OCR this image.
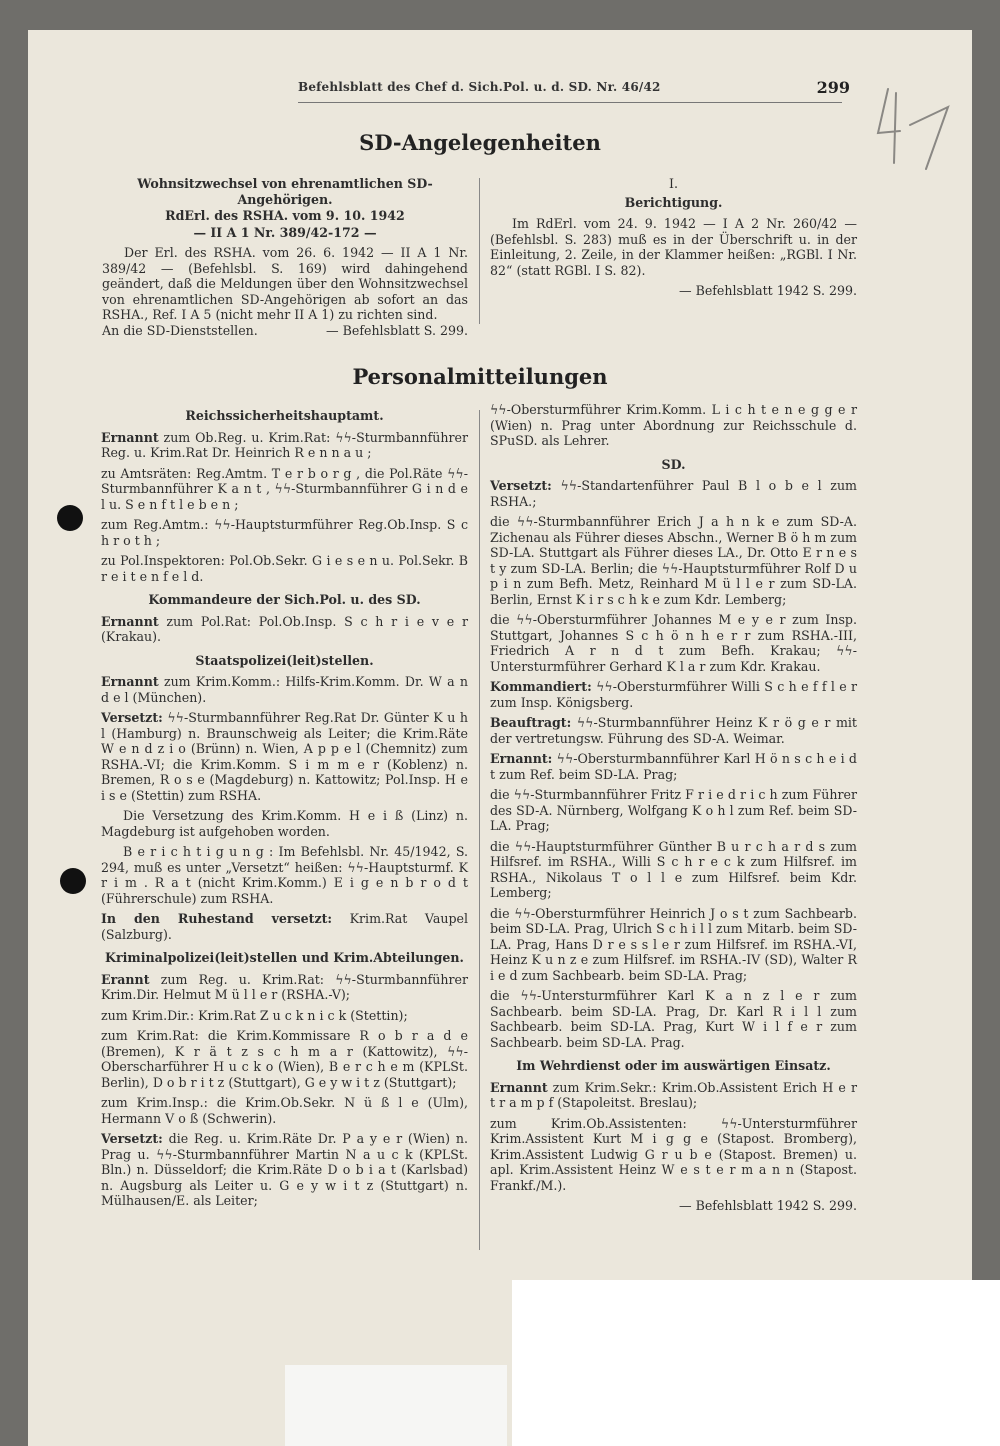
Befehlsblatt des Chef d. Sich.Pol. u. d. SD. Nr. 46/42	299
SD-Angelegenheiten

Wohnsitzwechsel von ehrenamtlichen SD-Angehörigen.

RdErl. des RSHA. vom 9. 10. 1942

— II A 1 Nr. 389/42-172 —

Der Erl. des RSHA. vom 26. 6. 1942 — II A 1 Nr. 389/42 — (Befehlsbl. S. 169) wird dahingehend geändert, daß die Meldungen über den Wohnsitzwechsel von ehrenamtlichen SD-Angehörigen ab sofort an das RSHA., Ref. I A 5 (nicht mehr II A 1) zu richten sind.

An die SD-Dienststellen.	— Befehlsblatt S. 299.

I.

Berichtigung.

Im RdErl. vom 24. 9. 1942 — I A 2 Nr. 260/42 — (Befehlsbl. S. 283) muß es in der Überschrift u. in der Einleitung, 2. Zeile, in der Klammer heißen: „RGBl. I Nr. 82“ (statt RGBl. I S. 82).

— Befehlsblatt 1942 S. 299.

Personalmitteilungen

Reichssicherheitshauptamt.

Ernannt zum Ob.Reg. u. Krim.Rat: ϟϟ-Sturmbannführer Reg. u. Krim.Rat Dr. Heinrich R e n n a u ;

zu Amtsräten: Reg.Amtm. T e r b o r g , die Pol.Räte ϟϟ-Sturmbannführer K a n t , ϟϟ-Sturmbannführer G i n d e l u. S e n f t l e b e n ;

zum Reg.Amtm.: ϟϟ-Hauptsturmführer Reg.Ob.Insp. S c h r o t h ;

zu Pol.Inspektoren: Pol.Ob.Sekr. G i e s e n u. Pol.Sekr. B r e i t e n f e l d.

Kommandeure der Sich.Pol. u. des SD.

Ernannt zum Pol.Rat: Pol.Ob.Insp. S c h r i e v e r (Krakau).

Staatspolizei(leit)stellen.

Ernannt zum Krim.Komm.: Hilfs-Krim.Komm. Dr. W a n d e l (München).

Versetzt: ϟϟ-Sturmbannführer Reg.Rat Dr. Günter K u h l (Hamburg) n. Braunschweig als Leiter; die Krim.Räte W e n d z i o (Brünn) n. Wien, A p p e l (Chemnitz) zum RSHA.-VI; die Krim.Komm. S i m m e r (Koblenz) n. Bremen, R o s e (Magdeburg) n. Kattowitz; Pol.Insp. H e i s e (Stettin) zum RSHA.

Die Versetzung des Krim.Komm. H e i ß (Linz) n. Magdeburg ist aufgehoben worden.

B e r i c h t i g u n g : Im Befehlsbl. Nr. 45/1942, S. 294, muß es unter „Versetzt“ heißen: ϟϟ-Hauptsturmf. K r i m . R a t (nicht Krim.Komm.) E i g e n b r o d t (Führerschule) zum RSHA.

In den Ruhestand versetzt: Krim.Rat Vaupel (Salzburg).

Kriminalpolizei(leit)stellen und Krim.Abteilungen.

Erannt zum Reg. u. Krim.Rat: ϟϟ-Sturmbannführer Krim.Dir. Helmut M ü l l e r (RSHA.-V);

zum Krim.Dir.: Krim.Rat Z u c k n i c k (Stettin);

zum Krim.Rat: die Krim.Kommissare R o b r a d e (Bremen), K r ä t z s c h m a r (Kattowitz), ϟϟ-Oberscharführer H u c k o (Wien), B e r c h e m (KPLSt. Berlin), D o b r i t z (Stuttgart), G e y w i t z (Stuttgart);

zum Krim.Insp.: die Krim.Ob.Sekr. N ü ß l e (Ulm), Hermann V o ß (Schwerin).

Versetzt: die Reg. u. Krim.Räte Dr. P a y e r (Wien) n. Prag u. ϟϟ-Sturmbannführer Martin N a u c k (KPLSt. Bln.) n. Düsseldorf; die Krim.Räte D o b i a t (Karlsbad) n. Augsburg als Leiter u. G e y w i t z (Stuttgart) n. Mülhausen/E. als Leiter;

ϟϟ-Obersturmführer Krim.Komm. L i c h t e n e g g e r (Wien) n. Prag unter Abordnung zur Reichsschule d. SPuSD. als Lehrer.

SD.

Versetzt: ϟϟ-Standartenführer Paul B l o b e l zum RSHA.;

die ϟϟ-Sturmbannführer Erich J a h n k e zum SD-A. Zichenau als Führer dieses Abschn., Werner B ö h m zum SD-LA. Stuttgart als Führer dieses LA., Dr. Otto E r n e s t y zum SD-LA. Berlin; die ϟϟ-Hauptsturmführer Rolf D u p i n zum Befh. Metz, Reinhard M ü l l e r zum SD-LA. Berlin, Ernst K i r s c h k e zum Kdr. Lemberg;

die ϟϟ-Obersturmführer Johannes M e y e r zum Insp. Stuttgart, Johannes S c h ö n h e r r zum RSHA.-III, Friedrich A r n d t zum Befh. Krakau; ϟϟ-Untersturmführer Gerhard K l a r zum Kdr. Krakau.

Kommandiert: ϟϟ-Obersturmführer Willi S c h e f f l e r zum Insp. Königsberg.

Beauftragt: ϟϟ-Sturmbannführer Heinz K r ö g e r mit der vertretungsw. Führung des SD-A. Weimar.

Ernannt: ϟϟ-Obersturmbannführer Karl H ö n s c h e i d t zum Ref. beim SD-LA. Prag;

die ϟϟ-Sturmbannführer Fritz F r i e d r i c h zum Führer des SD-A. Nürnberg, Wolfgang K o h l zum Ref. beim SD-LA. Prag;

die ϟϟ-Hauptsturmführer Günther B u r c h a r d s zum Hilfsref. im RSHA., Willi S c h r e c k zum Hilfsref. im RSHA., Nikolaus T o l l e zum Hilfsref. beim Kdr. Lemberg;

die ϟϟ-Obersturmführer Heinrich J o s t zum Sachbearb. beim SD-LA. Prag, Ulrich S c h i l l zum Mitarb. beim SD-LA. Prag, Hans D r e s s l e r zum Hilfsref. im RSHA.-VI, Heinz K u n z e zum Hilfsref. im RSHA.-IV (SD), Walter R i e d zum Sachbearb. beim SD-LA. Prag;

die ϟϟ-Untersturmführer Karl K a n z l e r zum Sachbearb. beim SD-LA. Prag, Dr. Karl R i l l zum Sachbearb. beim SD-LA. Prag, Kurt W i l f e r zum Sachbearb. beim SD-LA. Prag.

Im Wehrdienst oder im auswärtigen Einsatz.

Ernannt zum Krim.Sekr.: Krim.Ob.Assistent Erich H e r t r a m p f (Stapoleitst. Breslau);

zum Krim.Ob.Assistenten: ϟϟ-Untersturmführer Krim.Assistent Kurt M i g g e (Stapost. Bromberg), Krim.Assistent Ludwig G r u b e (Stapost. Bremen) u. apl. Krim.Assistent Heinz W e s t e r m a n n (Stapost. Frankf./M.).

— Befehlsblatt 1942 S. 299.
